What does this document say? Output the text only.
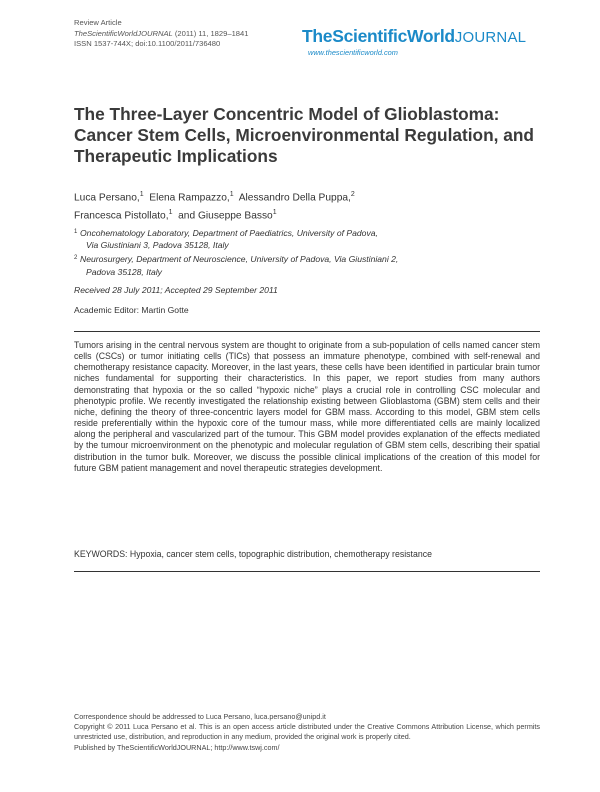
Review Article
TheScientificWorldJOURNAL (2011) 11, 1829–1841
ISSN 1537-744X; doi:10.1100/2011/736480	TheScientificWorldJOURNAL
www.thescientificworld.com
The Three-Layer Concentric Model of Glioblastoma: Cancer Stem Cells, Microenvironmental Regulation, and Therapeutic Implications
Luca Persano,$^1$ Elena Rampazzo,$^1$ Alessandro Della Puppa,$^2$
Francesca Pistollato,$^1$ and Giuseppe Basso$^1$
1 Oncohematology Laboratory, Department of Paediatrics, University of Padova,
Via Giustiniani 3, Padova 35128, Italy
2 Neurosurgery, Department of Neuroscience, University of Padova, Via Giustiniani 2,
Padova 35128, Italy
Received 28 July 2011; Accepted 29 September 2011
Academic Editor: Martin Gotte

Tumors arising in the central nervous system are thought to originate from a sub-population of cells named cancer stem cells (CSCs) or tumor initiating cells (TICs) that possess an immature phenotype, combined with self-renewal and chemotherapy resistance capacity. Moreover, in the last years, these cells have been identified in particular brain tumor niches fundamental for supporting their characteristics. In this paper, we report studies from many authors demonstrating that hypoxia or the so called “hypoxic niche” plays a crucial role in controlling CSC molecular and phenotypic profile. We recently investigated the relationship existing between Glioblastoma (GBM) stem cells and their niche, defining the theory of three-concentric layers model for GBM mass. According to this model, GBM stem cells reside preferentially within the hypoxic core of the tumour mass, while more differentiated cells are mainly localized along the peripheral and vascularized part of the tumour. This GBM model provides explanation of the effects mediated by the tumour microenvironment on the phenotypic and molecular regulation of GBM stem cells, describing their spatial distribution in the tumor bulk. Moreover, we discuss the possible clinical implications of the creation of this model for future GBM patient management and novel therapeutic strategies development.

KEYWORDS: Hypoxia, cancer stem cells, topographic distribution, chemotherapy resistance
Correspondence should be addressed to Luca Persano, luca.persano@unipd.it
Copyright © 2011 Luca Persano et al. This is an open access article distributed under the Creative Commons Attribution License, which permits unrestricted use, distribution, and reproduction in any medium, provided the original work is properly cited.
Published by TheScientificWorldJOURNAL; http://www.tswj.com/
